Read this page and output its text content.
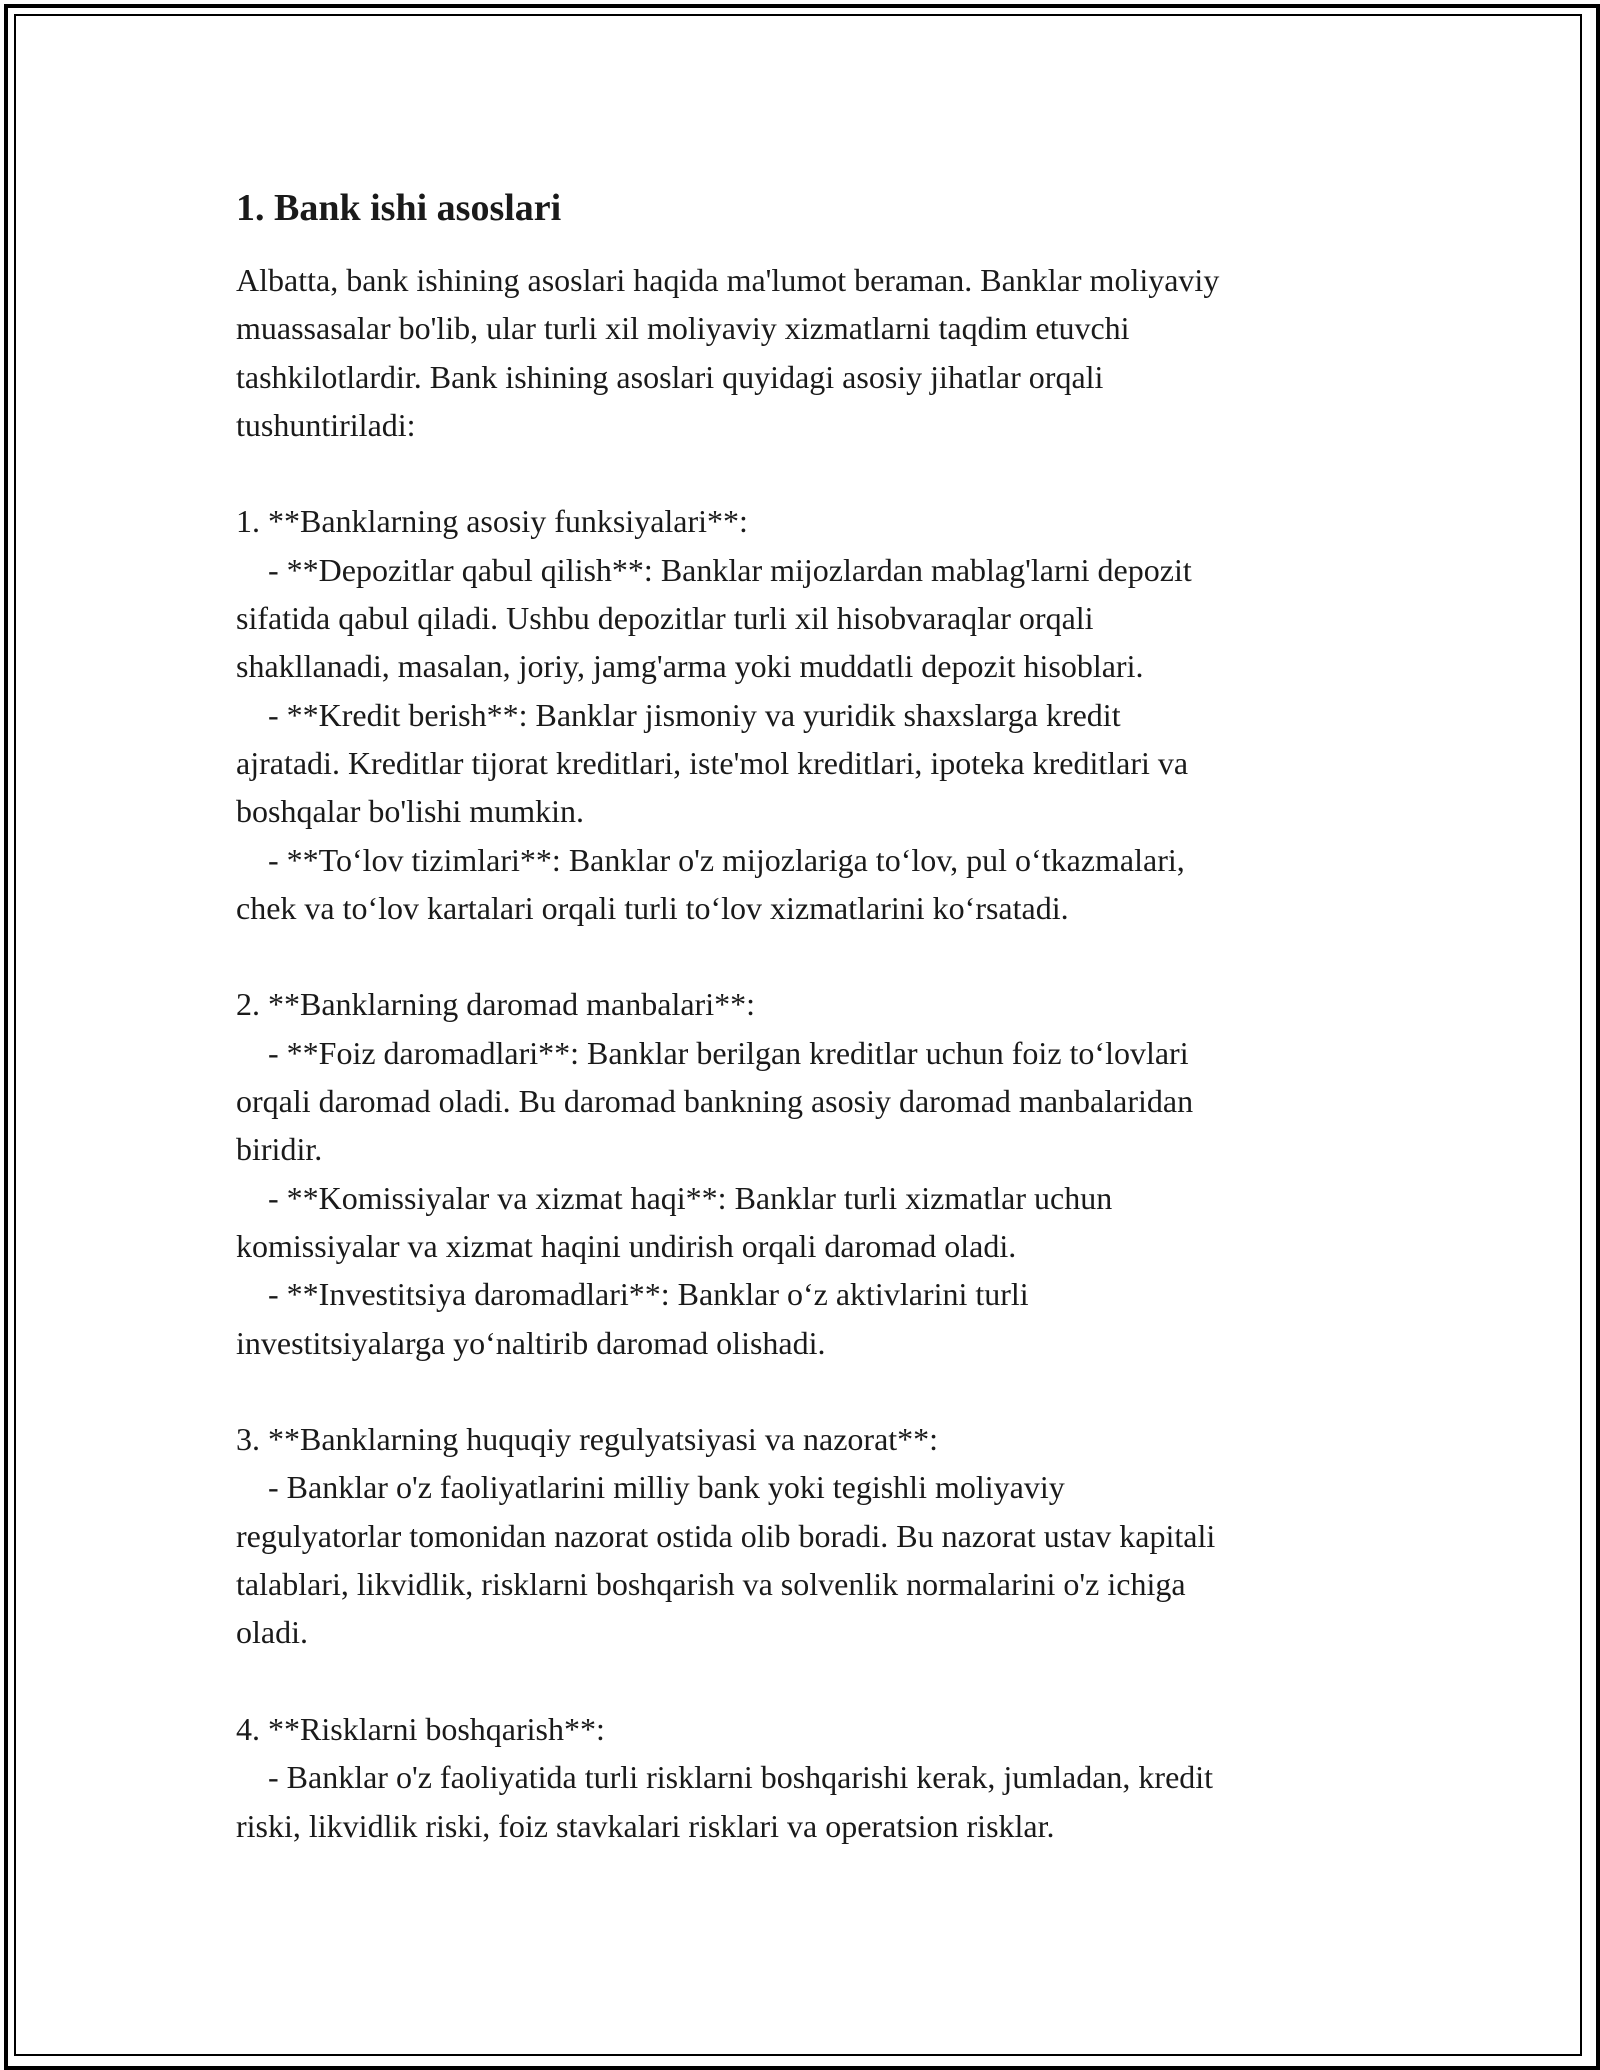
1. Bank ishi asoslari

Albatta, bank ishining asoslari haqida ma'lumot beraman. Banklar moliyaviy
muassasalar bo'lib, ular turli xil moliyaviy xizmatlarni taqdim etuvchi
tashkilotlardir. Bank ishining asoslari quyidagi asosiy jihatlar orqali
tushuntiriladi:

1. **Banklarning asosiy funksiyalari**:
- **Depozitlar qabul qilish**: Banklar mijozlardan mablag'larni depozit
sifatida qabul qiladi. Ushbu depozitlar turli xil hisobvaraqlar orqali
shakllanadi, masalan, joriy, jamg'arma yoki muddatli depozit hisoblari.
- **Kredit berish**: Banklar jismoniy va yuridik shaxslarga kredit
ajratadi. Kreditlar tijorat kreditlari, iste'mol kreditlari, ipoteka kreditlari va
boshqalar bo'lishi mumkin.
- **To‘lov tizimlari**: Banklar o'z mijozlariga to‘lov, pul o‘tkazmalari,
chek va to‘lov kartalari orqali turli to‘lov xizmatlarini ko‘rsatadi.

2. **Banklarning daromad manbalari**:
- **Foiz daromadlari**: Banklar berilgan kreditlar uchun foiz to‘lovlari
orqali daromad oladi. Bu daromad bankning asosiy daromad manbalaridan
biridir.
- **Komissiyalar va xizmat haqi**: Banklar turli xizmatlar uchun
komissiyalar va xizmat haqini undirish orqali daromad oladi.
- **Investitsiya daromadlari**: Banklar o‘z aktivlarini turli
investitsiyalarga yo‘naltirib daromad olishadi.

3. **Banklarning huquqiy regulyatsiyasi va nazorat**:
- Banklar o'z faoliyatlarini milliy bank yoki tegishli moliyaviy
regulyatorlar tomonidan nazorat ostida olib boradi. Bu nazorat ustav kapitali
talablari, likvidlik, risklarni boshqarish va solvenlik normalarini o'z ichiga
oladi.

4. **Risklarni boshqarish**:
- Banklar o'z faoliyatida turli risklarni boshqarishi kerak, jumladan, kredit
riski, likvidlik riski, foiz stavkalari risklari va operatsion risklar.
